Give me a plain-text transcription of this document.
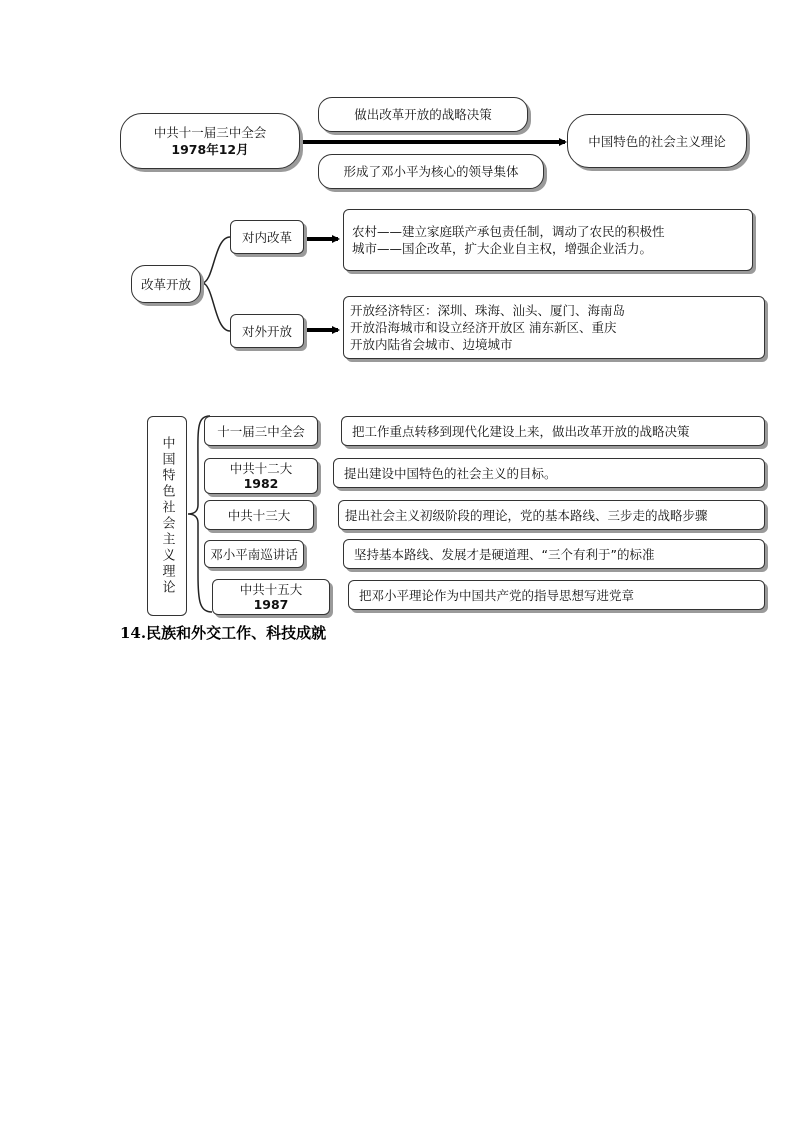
中共十一届三中全会
1978年12月
做出改革开放的战略决策
形成了邓小平为核心的领导集体
中国特色的社会主义理论
改革开放
对内改革
对外开放
农村——建立家庭联产承包责任制，调动了农民的积极性
城市——国企改革，扩大企业自主权，增强企业活力。
开放经济特区：深圳、珠海、汕头、厦门、海南岛
开放沿海城市和设立经济开放区 浦东新区、重庆
开放内陆省会城市、边境城市
中国特色社会主义理论
十一届三中全会
中共十二大
1982
中共十三大
邓小平南巡讲话
中共十五大
1987
把工作重点转移到现代化建设上来，做出改革开放的战略决策
提出建设中国特色的社会主义的目标。
提出社会主义初级阶段的理论，党的基本路线、三步走的战略步骤
坚持基本路线、发展才是硬道理、“三个有利于”的标准
把邓小平理论作为中国共产党的指导思想写进党章
14.民族和外交工作、科技成就
